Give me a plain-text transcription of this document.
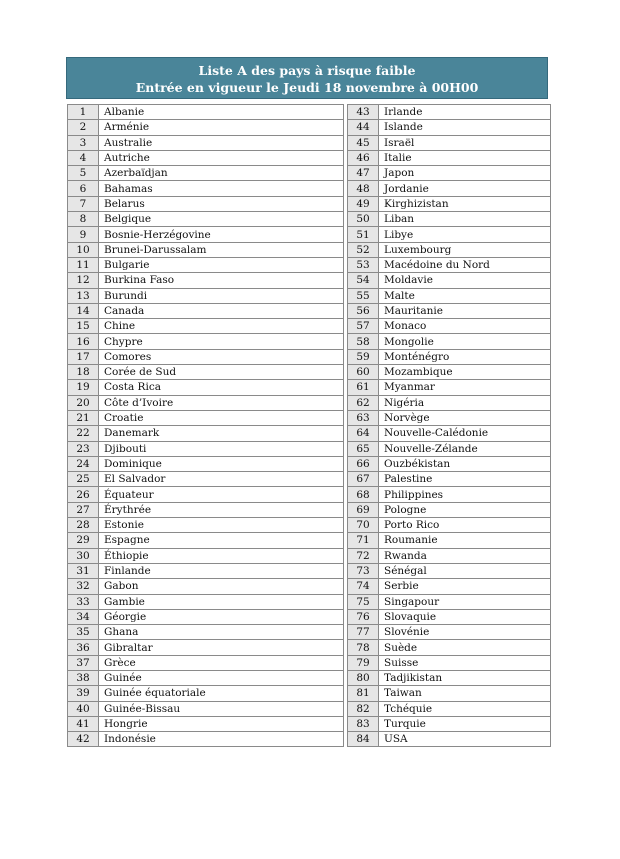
Liste A des pays à risque faible
Entrée en vigueur le Jeudi 18 novembre à 00H00
1	Albanie
2	Arménie
3	Australie
4	Autriche
5	Azerbaïdjan
6	Bahamas
7	Belarus
8	Belgique
9	Bosnie-Herzégovine
10	Brunei-Darussalam
11	Bulgarie
12	Burkina Faso
13	Burundi
14	Canada
15	Chine
16	Chypre
17	Comores
18	Corée de Sud
19	Costa Rica
20	Côte d’Ivoire
21	Croatie
22	Danemark
23	Djibouti
24	Dominique
25	El Salvador
26	Équateur
27	Érythrée
28	Estonie
29	Espagne
30	Éthiopie
31	Finlande
32	Gabon
33	Gambie
34	Géorgie
35	Ghana
36	Gibraltar
37	Grèce
38	Guinée
39	Guinée équatoriale
40	Guinée-Bissau
41	Hongrie
42	Indonésie
43	Irlande
44	Islande
45	Israël
46	Italie
47	Japon
48	Jordanie
49	Kirghizistan
50	Liban
51	Libye
52	Luxembourg
53	Macédoine du Nord
54	Moldavie
55	Malte
56	Mauritanie
57	Monaco
58	Mongolie
59	Monténégro
60	Mozambique
61	Myanmar
62	Nigéria
63	Norvège
64	Nouvelle-Calédonie
65	Nouvelle-Zélande
66	Ouzbékistan
67	Palestine
68	Philippines
69	Pologne
70	Porto Rico
71	Roumanie
72	Rwanda
73	Sénégal
74	Serbie
75	Singapour
76	Slovaquie
77	Slovénie
78	Suède
79	Suisse
80	Tadjikistan
81	Taiwan
82	Tchéquie
83	Turquie
84	USA
